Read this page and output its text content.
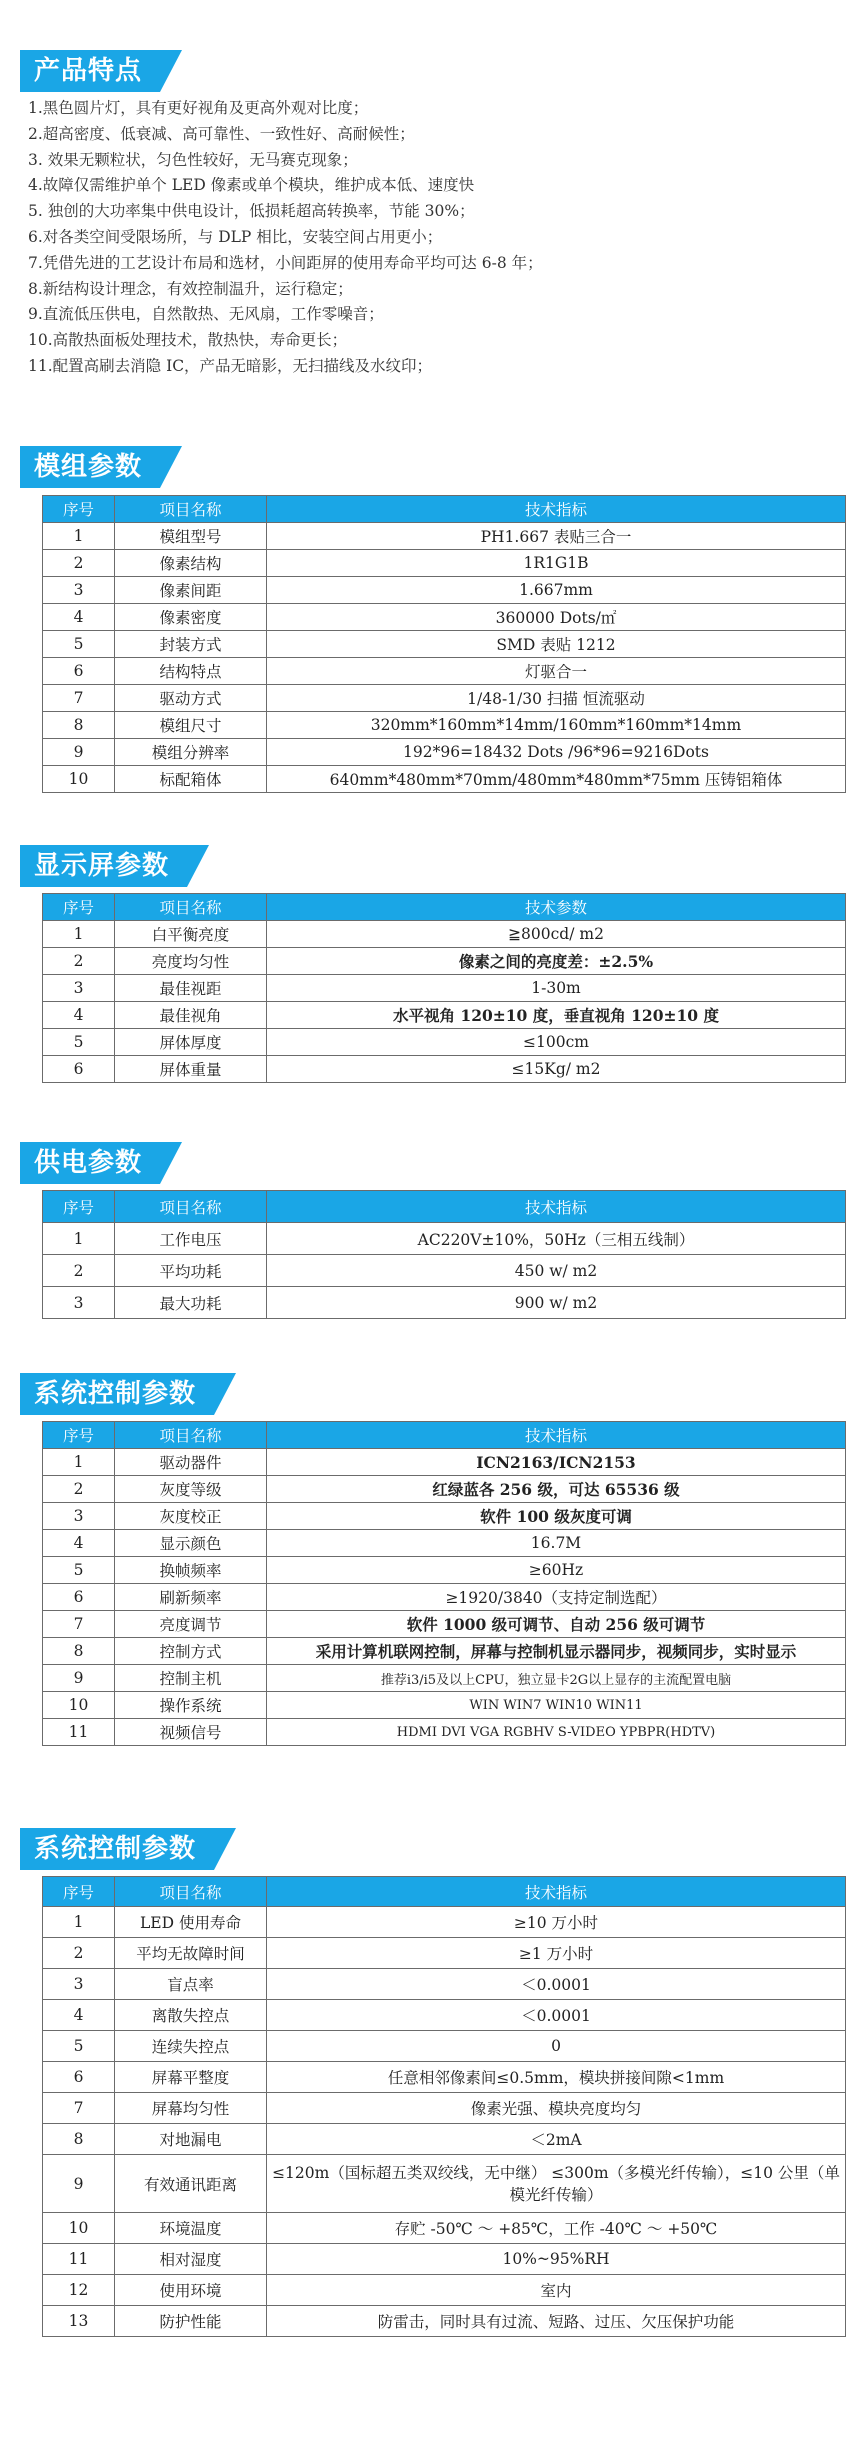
产品特点
1.黑色圆片灯，具有更好视角及更高外观对比度；
2.超高密度、低衰减、高可靠性、一致性好、高耐候性；
3. 效果无颗粒状，匀色性较好，无马赛克现象；
4.故障仅需维护单个 LED 像素或单个模块，维护成本低、速度快
5. 独创的大功率集中供电设计，低损耗超高转换率，节能 30%；
6.对各类空间受限场所，与 DLP 相比，安装空间占用更小；
7.凭借先进的工艺设计布局和选材，小间距屏的使用寿命平均可达 6-8 年；
8.新结构设计理念，有效控制温升，运行稳定；
9.直流低压供电，自然散热、无风扇，工作零噪音；
10.高散热面板处理技术，散热快，寿命更长；
11.配置高刷去消隐 IC，产品无暗影，无扫描线及水纹印；
模组参数
序号	项目名称	技术指标
1	模组型号	PH1.667 表贴三合一
2	像素结构	1R1G1B
3	像素间距	1.667mm
4	像素密度	360000 Dots/㎡
5	封装方式	SMD 表贴 1212
6	结构特点	灯驱合一
7	驱动方式	1/48-1/30 扫描 恒流驱动
8	模组尺寸	320mm*160mm*14mm/160mm*160mm*14mm
9	模组分辨率	192*96=18432 Dots /96*96=9216Dots
10	标配箱体	640mm*480mm*70mm/480mm*480mm*75mm 压铸铝箱体
显示屏参数
序号	项目名称	技术参数
1	白平衡亮度	≧800cd/ m2
2	亮度均匀性	像素之间的亮度差：±2.5%
3	最佳视距	1-30m
4	最佳视角	水平视角 120±10 度，垂直视角 120±10 度
5	屏体厚度	≤100cm
6	屏体重量	≤15Kg/ m2
供电参数
序号	项目名称	技术指标
1	工作电压	AC220V±10%，50Hz（三相五线制）
2	平均功耗	450 w/ m2
3	最大功耗	900 w/ m2
系统控制参数
序号	项目名称	技术指标
1	驱动器件	ICN2163/ICN2153
2	灰度等级	红绿蓝各 256 级，可达 65536 级
3	灰度校正	软件 100 级灰度可调
4	显示颜色	16.7M
5	换帧频率	≥60Hz
6	刷新频率	≥1920/3840（支持定制选配）
7	亮度调节	软件 1000 级可调节、自动 256 级可调节
8	控制方式	采用计算机联网控制，屏幕与控制机显示器同步，视频同步，实时显示
9	控制主机	推荐i3/i5及以上CPU，独立显卡2G以上显存的主流配置电脑
10	操作系统	WIN WIN7 WIN10 WIN11
11	视频信号	HDMI DVI VGA RGBHV S-VIDEO YPBPR(HDTV)
系统控制参数
序号	项目名称	技术指标
1	LED 使用寿命	≥10 万小时
2	平均无故障时间	≥1 万小时
3	盲点率	＜0.0001
4	离散失控点	＜0.0001
5	连续失控点	0
6	屏幕平整度	任意相邻像素间≤0.5mm，模块拼接间隙<1mm
7	屏幕均匀性	像素光强、模块亮度均匀
8	对地漏电	＜2mA
9	有效通讯距离	≤120m（国标超五类双绞线，无中继） ≤300m（多模光纤传输），≤10 公里（单模光纤传输）
10	环境温度	存贮 -50℃ ～ +85℃，工作 -40℃ ～ +50℃
11	相对湿度	10%~95%RH
12	使用环境	室内
13	防护性能	防雷击，同时具有过流、短路、过压、欠压保护功能
